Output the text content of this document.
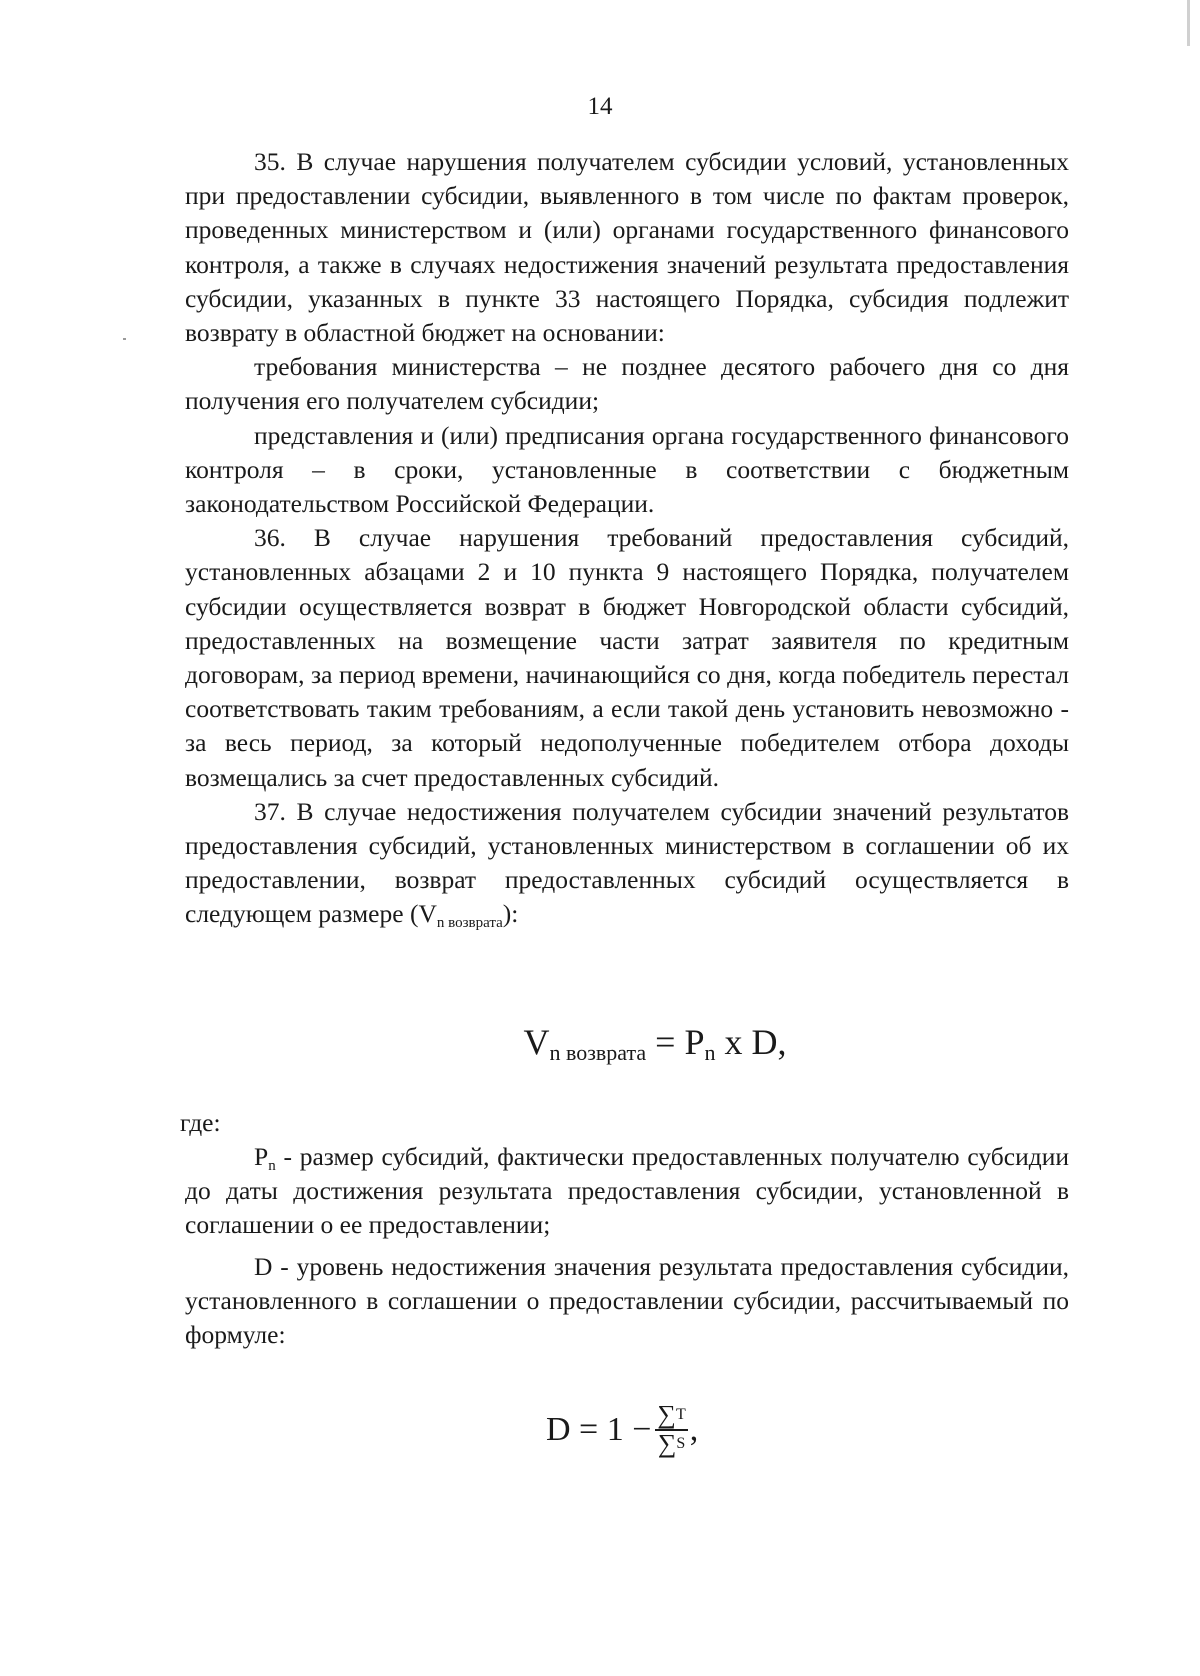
14

35. В случае нарушения получателем субсидии условий, установленных при предоставлении субсидии, выявленного в том числе по фактам проверок, проведенных министерством и (или) органами государственного финансового контроля, а также в случаях недостижения значений результата предоставления субсидии, указанных в пункте 33 настоящего Порядка, субсидия подлежит возврату в областной бюджет на основании:

требования министерства – не позднее десятого рабочего дня со дня получения его получателем субсидии;

представления и (или) предписания органа государственного финансового контроля – в сроки, установленные в соответствии с бюджетным законодательством Российской Федерации.

36. В случае нарушения требований предоставления субсидий, установленных абзацами 2 и 10 пункта 9 настоящего Порядка, получателем субсидии осуществляется возврат в бюджет Новгородской области субсидий, предоставленных на возмещение части затрат заявителя по кредитным договорам, за период времени, начинающийся со дня, когда победитель перестал соответствовать таким требованиям, а если такой день установить невозможно - за весь период, за который недополученные победителем отбора доходы возмещались за счет предоставленных субсидий.

37. В случае недостижения получателем субсидии значений результатов предоставления субсидий, установленных министерством в соглашении об их предоставлении, возврат предоставленных субсидий осуществляется в следующем размере (Vn возврата):

$V_{n возврата} = P_n$ x D,
где:

Pn - размер субсидий, фактически предоставленных получателю субсидии до даты достижения результата предоставления субсидии, установленной в соглашении о ее предоставлении;

D - уровень недостижения значения результата предоставления субсидии, установленного в соглашении о предоставлении субсидии, рассчитываемый по формуле:

$D = 1 - \frac{\sum T}{\sum S}$ ,
